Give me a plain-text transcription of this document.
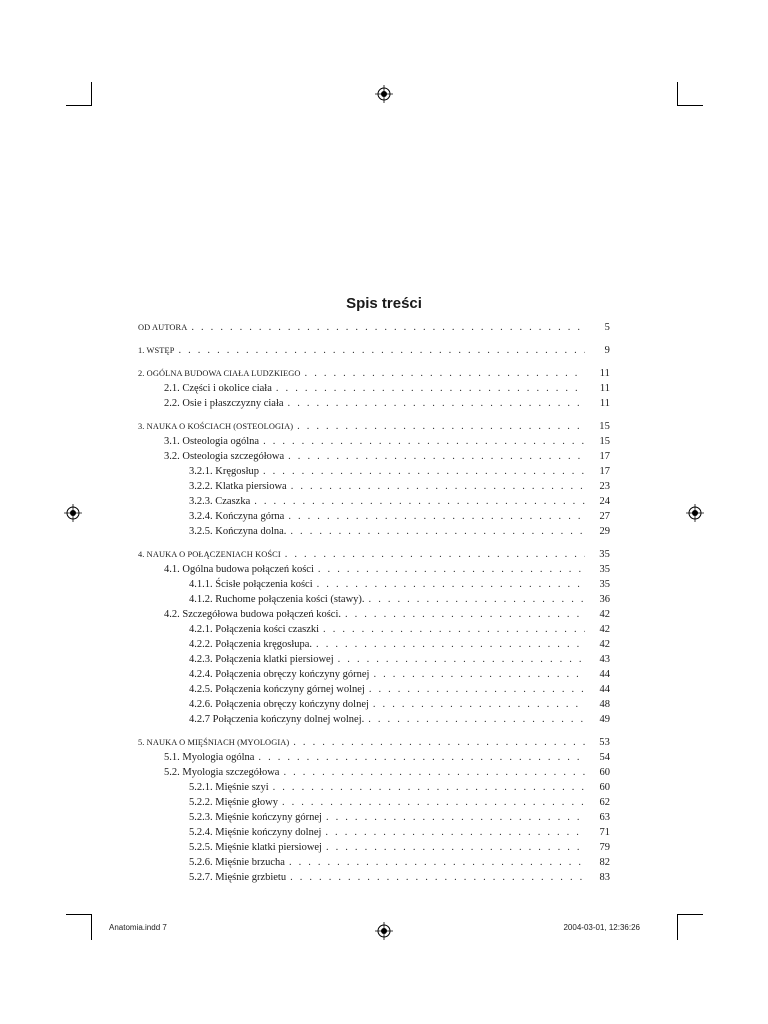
Spis treści
OD AUTORA . . .	5
1. WSTĘP . . .	9
2. OGÓLNA BUDOWA CIAŁA LUDZKIEGO . . .	11
2.1. Części i okolice ciała . . .	11
2.2. Osie i płaszczyzny ciała . . .	11
3. NAUKA O KOŚCIACH (OSTEOLOGIA) . . .	15
3.1. Osteologia ogólna . . .	15
3.2. Osteologia szczegółowa . . .	17
3.2.1. Kręgosłup . . .	17
3.2.2. Klatka piersiowa . . .	23
3.2.3. Czaszka . . .	24
3.2.4. Kończyna górna . . .	27
3.2.5. Kończyna dolna. . . .	29
4. NAUKA O POŁĄCZENIACH KOŚCI . . .	35
4.1. Ogólna budowa połączeń kości . . .	35
4.1.1. Ścisłe połączenia kości . . .	35
4.1.2. Ruchome połączenia kości (stawy). . . .	36
4.2. Szczegółowa budowa połączeń kości. . . .	42
4.2.1. Połączenia kości czaszki . . .	42
4.2.2. Połączenia kręgosłupa. . . .	42
4.2.3. Połączenia klatki piersiowej . . .	43
4.2.4. Połączenia obręczy kończyny górnej . . .	44
4.2.5. Połączenia kończyny górnej wolnej . . .	44
4.2.6. Połączenia obręczy kończyny dolnej . . .	48
4.2.7 Połączenia kończyny dolnej wolnej. . . .	49
5. NAUKA O MIĘŚNIACH (MYOLOGIA) . . .	53
5.1. Myologia ogólna . . .	54
5.2. Myologia szczegółowa . . .	60
5.2.1. Mięśnie szyi . . .	60
5.2.2. Mięśnie głowy . . .	62
5.2.3. Mięśnie kończyny górnej . . .	63
5.2.4. Mięśnie kończyny dolnej . . .	71
5.2.5. Mięśnie klatki piersiowej . . .	79
5.2.6. Mięśnie brzucha . . .	82
5.2.7. Mięśnie grzbietu . . .	83
Anatomia.indd 7	2004-03-01, 12:36:26
